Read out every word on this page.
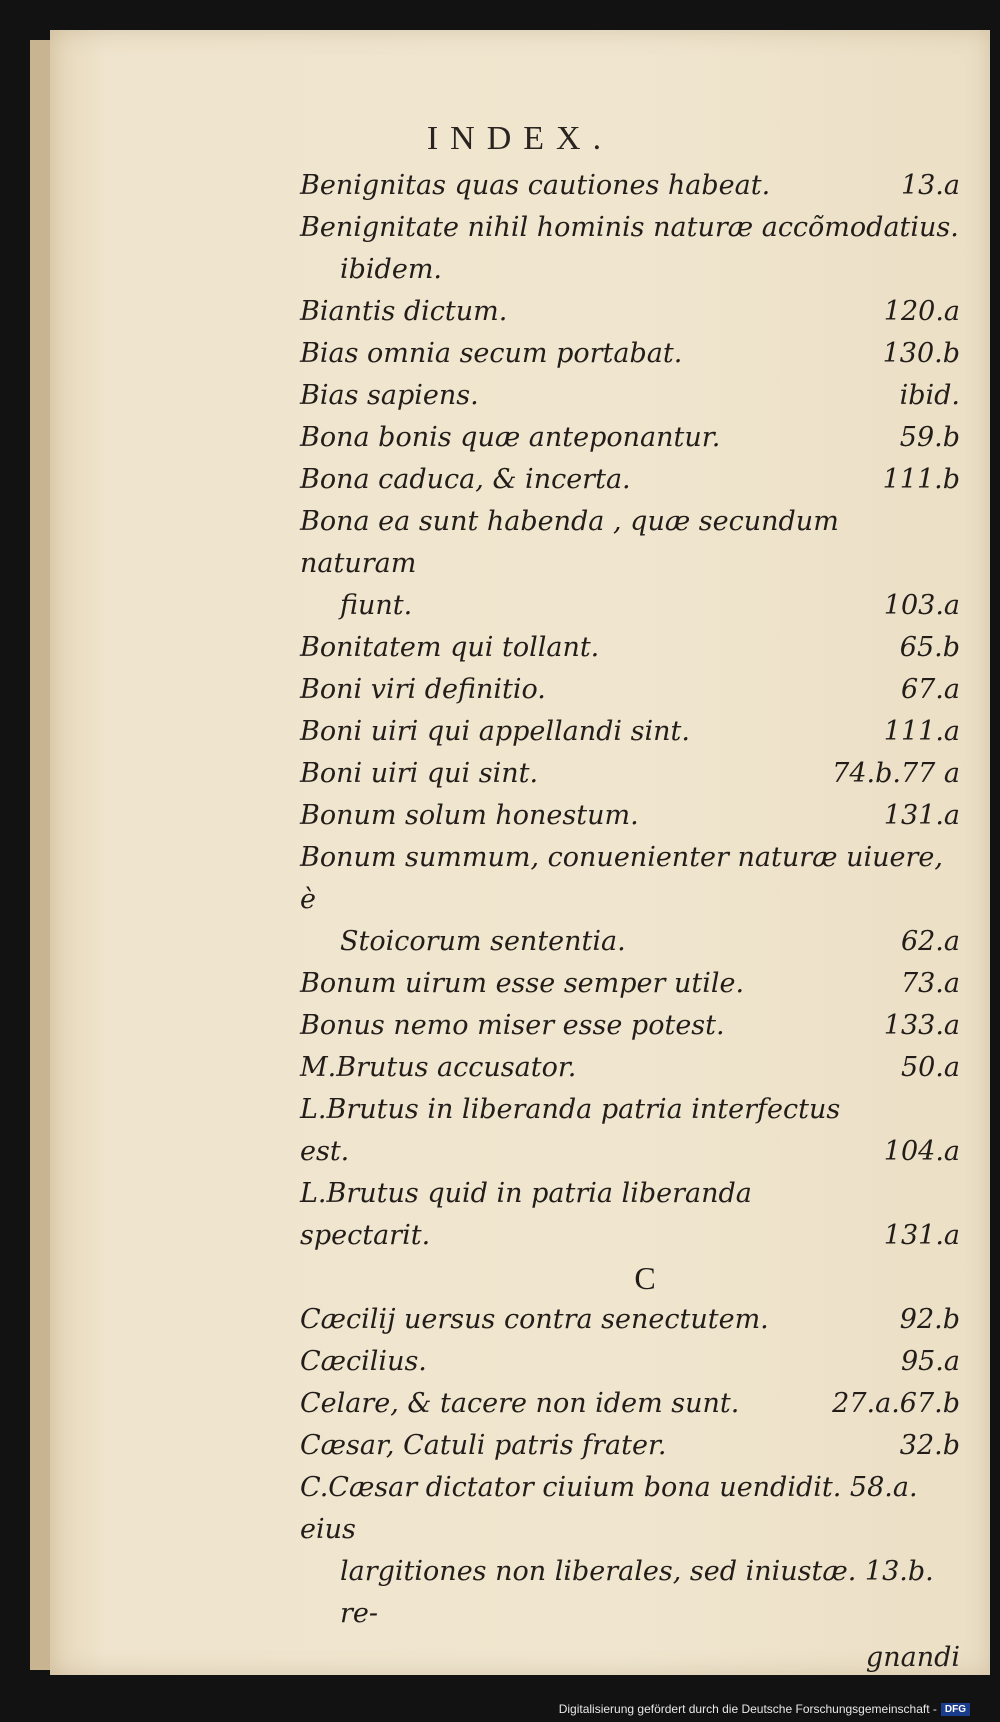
INDEX.
Benignitas quas cautiones habeat.	13.a
Benignitate nihil hominis naturæ accõmodatius.
ibidem.
Biantis dictum.	120.a
Bias omnia secum portabat.	130.b
Bias sapiens.	ibid.
Bona bonis quæ anteponantur.	59.b
Bona caduca, & incerta.	111.b
Bona ea sunt habenda , quæ secundum naturam
fiunt.	103.a
Bonitatem qui tollant.	65.b
Boni viri definitio.	67.a
Boni uiri qui appellandi sint.	111.a
Boni uiri qui sint.	74.b.77 a
Bonum solum honestum.	131.a
Bonum summum, conuenienter naturæ uiuere, è
Stoicorum sententia.	62.a
Bonum uirum esse semper utile.	73.a
Bonus nemo miser esse potest.	133.a
M.Brutus accusator.	50.a
L.Brutus in liberanda patria interfectus est.	104.a
L.Brutus quid in patria liberanda spectarit.	131.a
C
Cæcilij uersus contra senectutem.	92.b
Cæcilius.	95.a
Celare, & tacere non idem sunt.	27.a.67.b
Cæsar, Catuli patris frater.	32.b
C.Cæsar dictator ciuium bona uendidit. 58.a. eius
largitiones non liberales, sed iniustæ. 13.b. re-
gnandi
Digitalisierung gefördert durch die Deutsche Forschungsgemeinschaft - DFG
